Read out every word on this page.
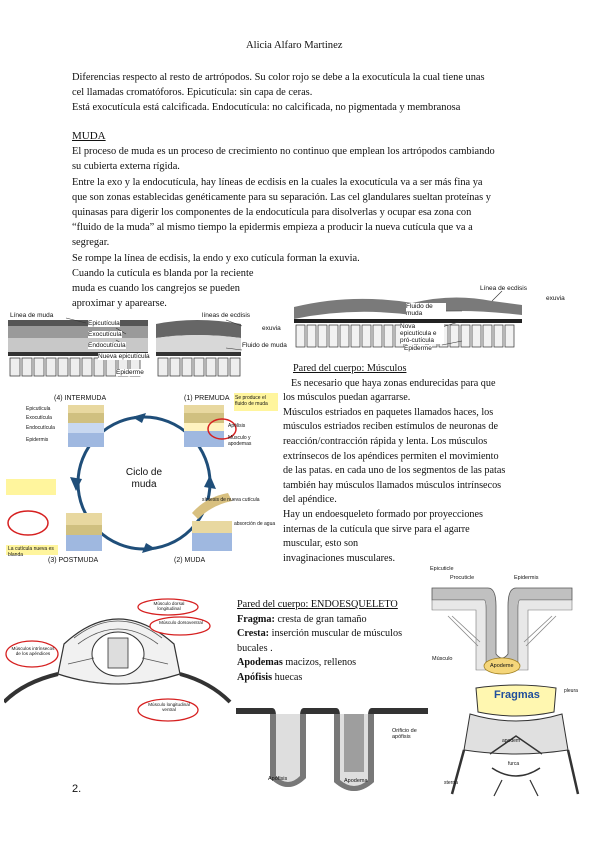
Alicia Alfaro Martinez
Diferencias respecto al resto de artrópodos. Su color rojo se debe a la exocutícula la cual tiene unas
cel llamadas cromatóforos. Epicutícula: sin capa de ceras.
Está exocutícula está calcificada. Endocutícula: no calcificada, no pigmentada y membranosa
MUDA
El proceso de muda es un proceso de crecimiento no continuo que emplean los artrópodos cambiando
su cubierta externa rígida.
Entre la exo y la endocutícula, hay líneas de ecdisis en la cuales la exocutícula va a ser más fina ya
que son zonas establecidas genéticamente para su separación. Las cel glandulares sueltan proteínas y
quinasas para digerir los componentes de la endocutícula para disolverlas y ocupar esa zona con
“fluido de la muda” al mismo tiempo la epidermis empieza a producir la nueva cutícula que va a
segregar.
Se rompe la línea de ecdisis, la endo y exo cutícula forman la exuvia.
Cuando la cutícula es blanda por la reciente
muda es cuando los cangrejos se pueden
aproximar y aparearse.
Línea de muda
Epicutícula
Exocutícula
Endocutícula
Nueva epicutícula
Epiderme
líneas de ecdisis
Fluido de muda
exuvia
Línea de ecdisis
Fluido de muda
exuvia
Nova epicutícula e pró-cutícula
Epiderme
Ciclo de muda
(4) INTERMUDA	(1) PREMUDA
(2) MUDA
(3) POSTMUDA
Epicutícula
Exocutícula
Endocutícula
Epidermis
Apólisis
Músculo y apodemas
síntesis de nueva cutícula
absorción de agua
Se produce el fluido de muda
La cutícula nueva es blanda
Pared del cuerpo: Músculos
Es necesario que haya zonas endurecidas para que
los músculos puedan agarrarse.
Músculos estriados en paquetes llamados haces, los
músculos estriados reciben estímulos de neuronas de
reacción/contracción rápida y lenta. Los músculos
extrínsecos de los apéndices permiten el movimiento
de las patas. en cada uno de los segmentos de las patas
también hay músculos llamados músculos intrínsecos
del apéndice.
Hay un endoesqueleto formado por proyecciones
internas de la cutícula que sirve para el agarre
muscular, esto son
invaginaciones musculares.
Epicuticle
Procuticle	Epidermis
Músculo
Apodeme
Músculo dorsal longitudinal
Músculo dorsoventral
Músculos intrínsecos de los apéndices
Músculo longitudinal ventral
Pared del cuerpo: ENDOESQUELETO
Fragma: cresta de gran tamaño
Cresta: inserción muscular de músculos
bucales .
Apodemas macizos, rellenos
Apófisis huecas
Apófisis	Apodema
Orificio de apófisis
Fragmas
apodem
furca
sterna
pleura
2.
